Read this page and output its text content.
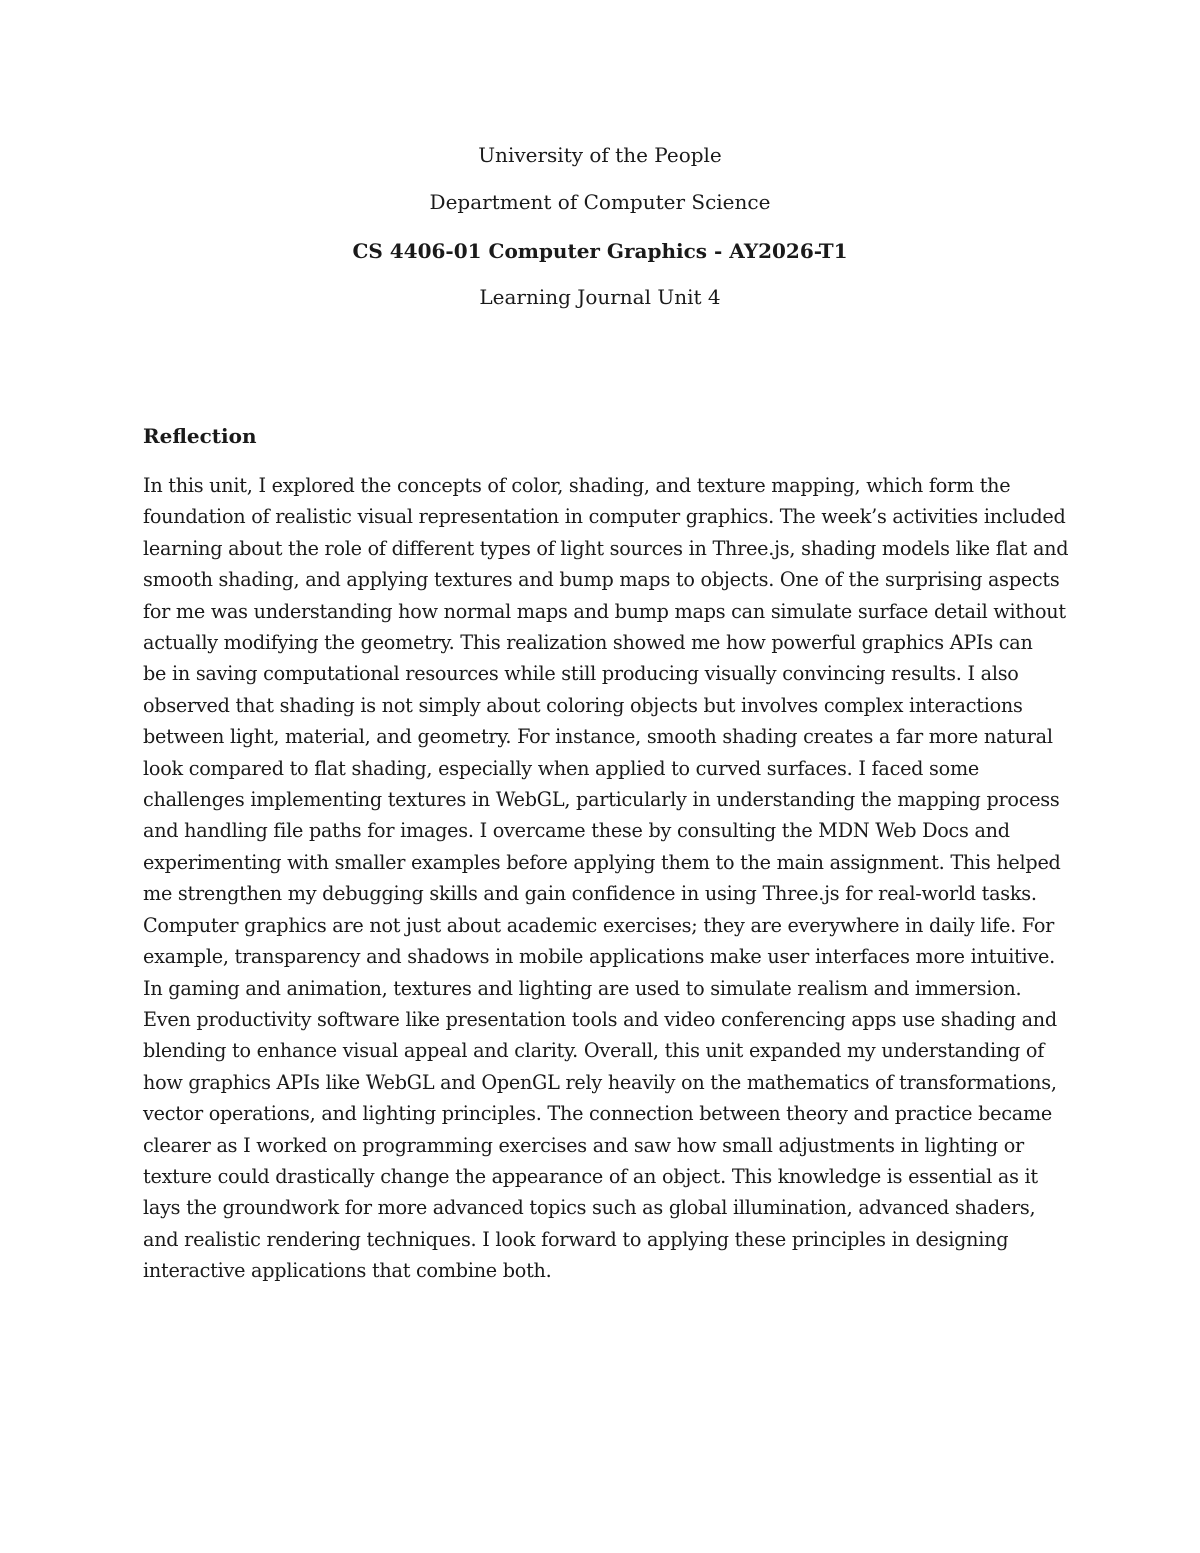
University of the People
Department of Computer Science
CS 4406-01 Computer Graphics - AY2026-T1
Learning Journal Unit 4
Reflection
In this unit, I explored the concepts of color, shading, and texture mapping, which form the
foundation of realistic visual representation in computer graphics. The week’s activities included
learning about the role of different types of light sources in Three.js, shading models like flat and
smooth shading, and applying textures and bump maps to objects. One of the surprising aspects
for me was understanding how normal maps and bump maps can simulate surface detail without
actually modifying the geometry. This realization showed me how powerful graphics APIs can
be in saving computational resources while still producing visually convincing results. I also
observed that shading is not simply about coloring objects but involves complex interactions
between light, material, and geometry. For instance, smooth shading creates a far more natural
look compared to flat shading, especially when applied to curved surfaces. I faced some
challenges implementing textures in WebGL, particularly in understanding the mapping process
and handling file paths for images. I overcame these by consulting the MDN Web Docs and
experimenting with smaller examples before applying them to the main assignment. This helped
me strengthen my debugging skills and gain confidence in using Three.js for real-world tasks.
Computer graphics are not just about academic exercises; they are everywhere in daily life. For
example, transparency and shadows in mobile applications make user interfaces more intuitive.
In gaming and animation, textures and lighting are used to simulate realism and immersion.
Even productivity software like presentation tools and video conferencing apps use shading and
blending to enhance visual appeal and clarity. Overall, this unit expanded my understanding of
how graphics APIs like WebGL and OpenGL rely heavily on the mathematics of transformations,
vector operations, and lighting principles. The connection between theory and practice became
clearer as I worked on programming exercises and saw how small adjustments in lighting or
texture could drastically change the appearance of an object. This knowledge is essential as it
lays the groundwork for more advanced topics such as global illumination, advanced shaders,
and realistic rendering techniques. I look forward to applying these principles in designing
interactive applications that combine both.
